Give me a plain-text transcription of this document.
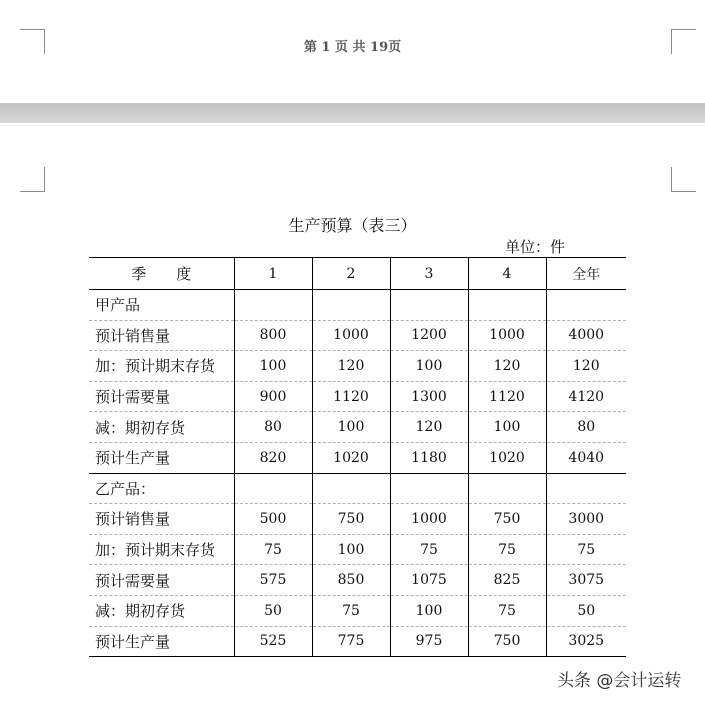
第 1 页 共 19页
生产预算（表三）
单位：件
季　　度	1	2	3	4	全年
甲产品					
预计销售量	800	1000	1200	1000	4000
加：预计期末存货	100	120	100	120	120
预计需要量	900	1120	1300	1120	4120
减：期初存货	80	100	120	100	80
预计生产量	820	1020	1180	1020	4040
乙产品：					
预计销售量	500	750	1000	750	3000
加：预计期末存货	75	100	75	75	75
预计需要量	575	850	1075	825	3075
减：期初存货	50	75	100	75	50
预计生产量	525	775	975	750	3025
头条 @会计运转
